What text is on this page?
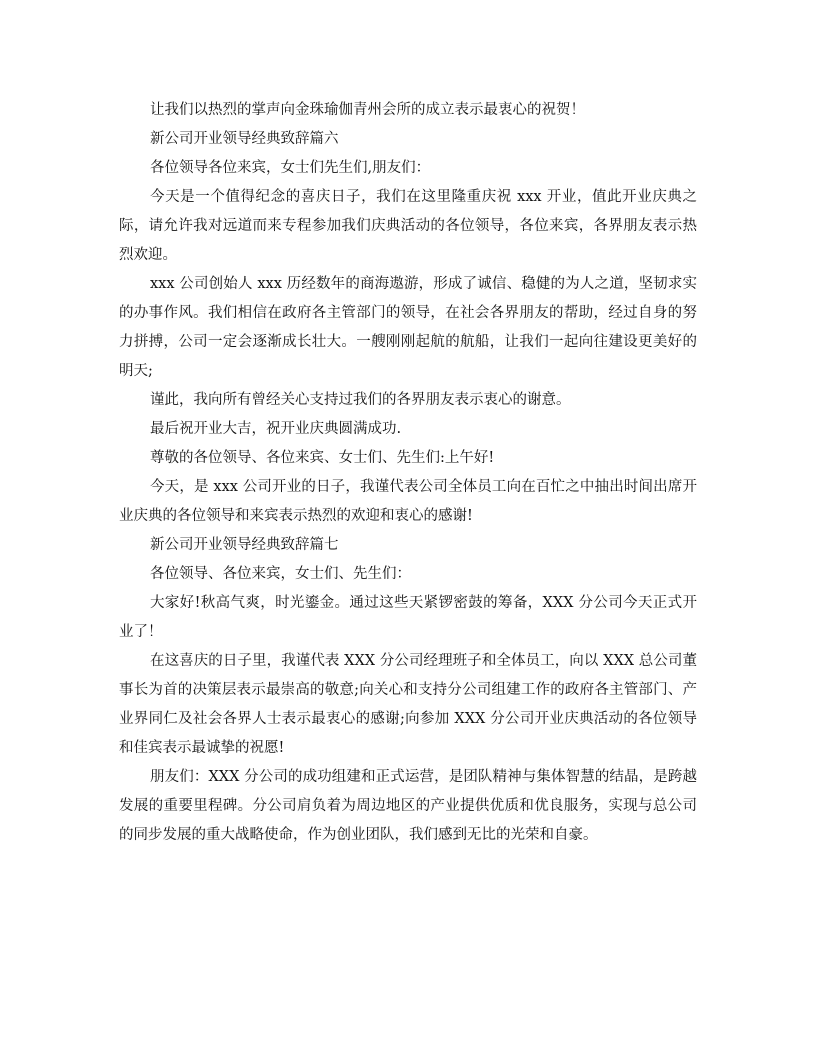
让我们以热烈的掌声向金珠瑜伽青州会所的成立表示最衷心的祝贺！

新公司开业领导经典致辞篇六

各位领导各位来宾，女士们先生们,朋友们：

今天是一个值得纪念的喜庆日子，我们在这里隆重庆祝 xxx 开业，值此开业庆典之际，请允许我对远道而来专程参加我们庆典活动的各位领导，各位来宾，各界朋友表示热烈欢迎。

xxx 公司创始人 xxx 历经数年的商海遨游，形成了诚信、稳健的为人之道，坚韧求实的办事作风。我们相信在政府各主管部门的领导，在社会各界朋友的帮助，经过自身的努力拼搏，公司一定会逐渐成长壮大。一艘刚刚起航的航船，让我们一起向往建设更美好的明天;

谨此，我向所有曾经关心支持过我们的各界朋友表示衷心的谢意。

最后祝开业大吉，祝开业庆典圆满成功.

尊敬的各位领导、各位来宾、女士们、先生们:上午好!

今天，是 xxx 公司开业的日子，我谨代表公司全体员工向在百忙之中抽出时间出席开业庆典的各位领导和来宾表示热烈的欢迎和衷心的感谢!

新公司开业领导经典致辞篇七

各位领导、各位来宾，女士们、先生们：

大家好!秋高气爽，时光鎏金。通过这些天紧锣密鼓的筹备，XXX 分公司今天正式开业了！

在这喜庆的日子里，我谨代表 XXX 分公司经理班子和全体员工，向以 XXX 总公司董事长为首的决策层表示最崇高的敬意;向关心和支持分公司组建工作的政府各主管部门、产业界同仁及社会各界人士表示最衷心的感谢;向参加 XXX 分公司开业庆典活动的各位领导和佳宾表示最诚挚的祝愿!

朋友们：XXX 分公司的成功组建和正式运营，是团队精神与集体智慧的结晶，是跨越发展的重要里程碑。分公司肩负着为周边地区的产业提供优质和优良服务，实现与总公司的同步发展的重大战略使命，作为创业团队，我们感到无比的光荣和自豪。
